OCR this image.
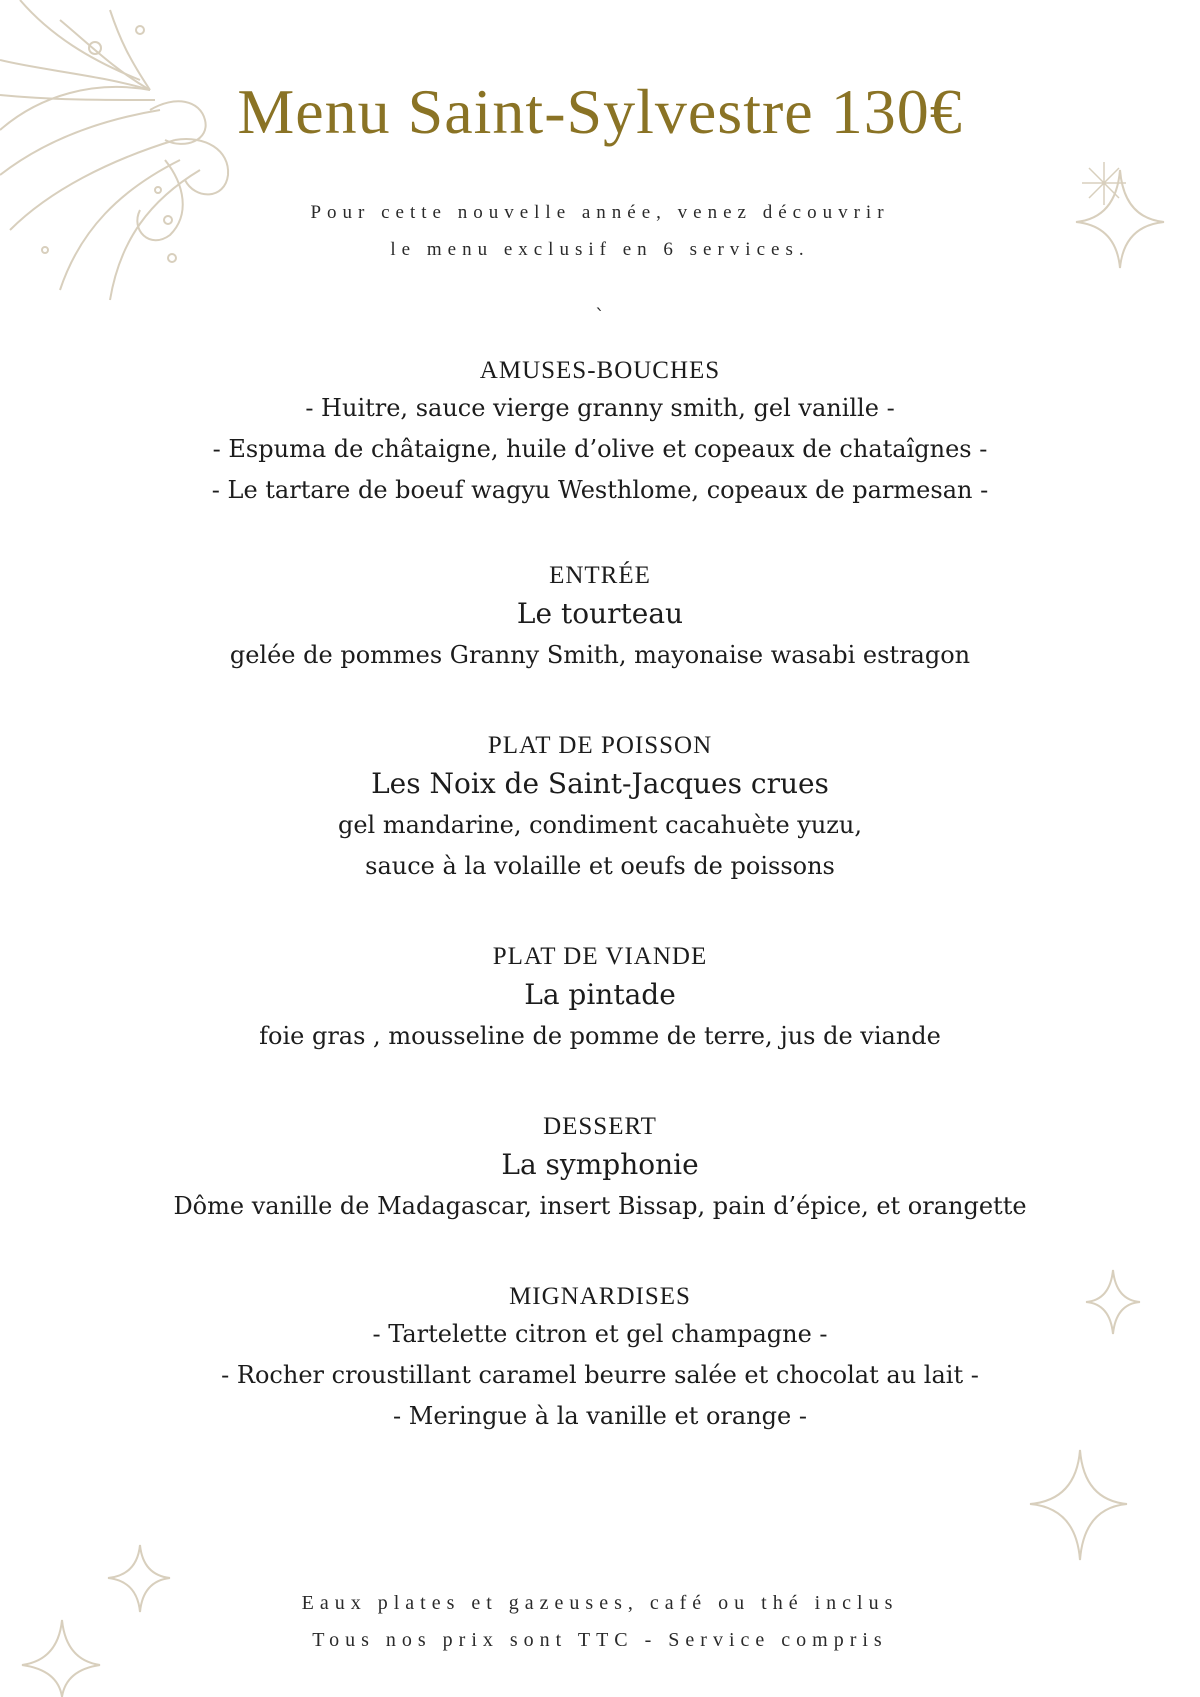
Menu Saint-Sylvestre 130€
Pour cette nouvelle année, venez découvrir
le menu exclusif en 6 services.
`
AMUSES-BOUCHES
- Huitre, sauce vierge granny smith, gel vanille -
- Espuma de châtaigne, huile d’olive et copeaux de chataîgnes -
- Le tartare de boeuf wagyu Westhlome, copeaux de parmesan -
ENTRÉE
Le tourteau
gelée de pommes Granny Smith, mayonaise wasabi estragon
PLAT DE POISSON
Les Noix de Saint-Jacques crues
gel mandarine, condiment cacahuète yuzu,
sauce à la volaille et oeufs de poissons
PLAT DE VIANDE
La pintade
foie gras , mousseline de pomme de terre, jus de viande
DESSERT
La symphonie
Dôme vanille de Madagascar, insert Bissap, pain d’épice, et orangette
MIGNARDISES
- Tartelette citron et gel champagne -
- Rocher croustillant caramel beurre salée et chocolat au lait -
- Meringue à la vanille et orange -
Eaux plates et gazeuses, café ou thé inclus
Tous nos prix sont TTC - Service compris
